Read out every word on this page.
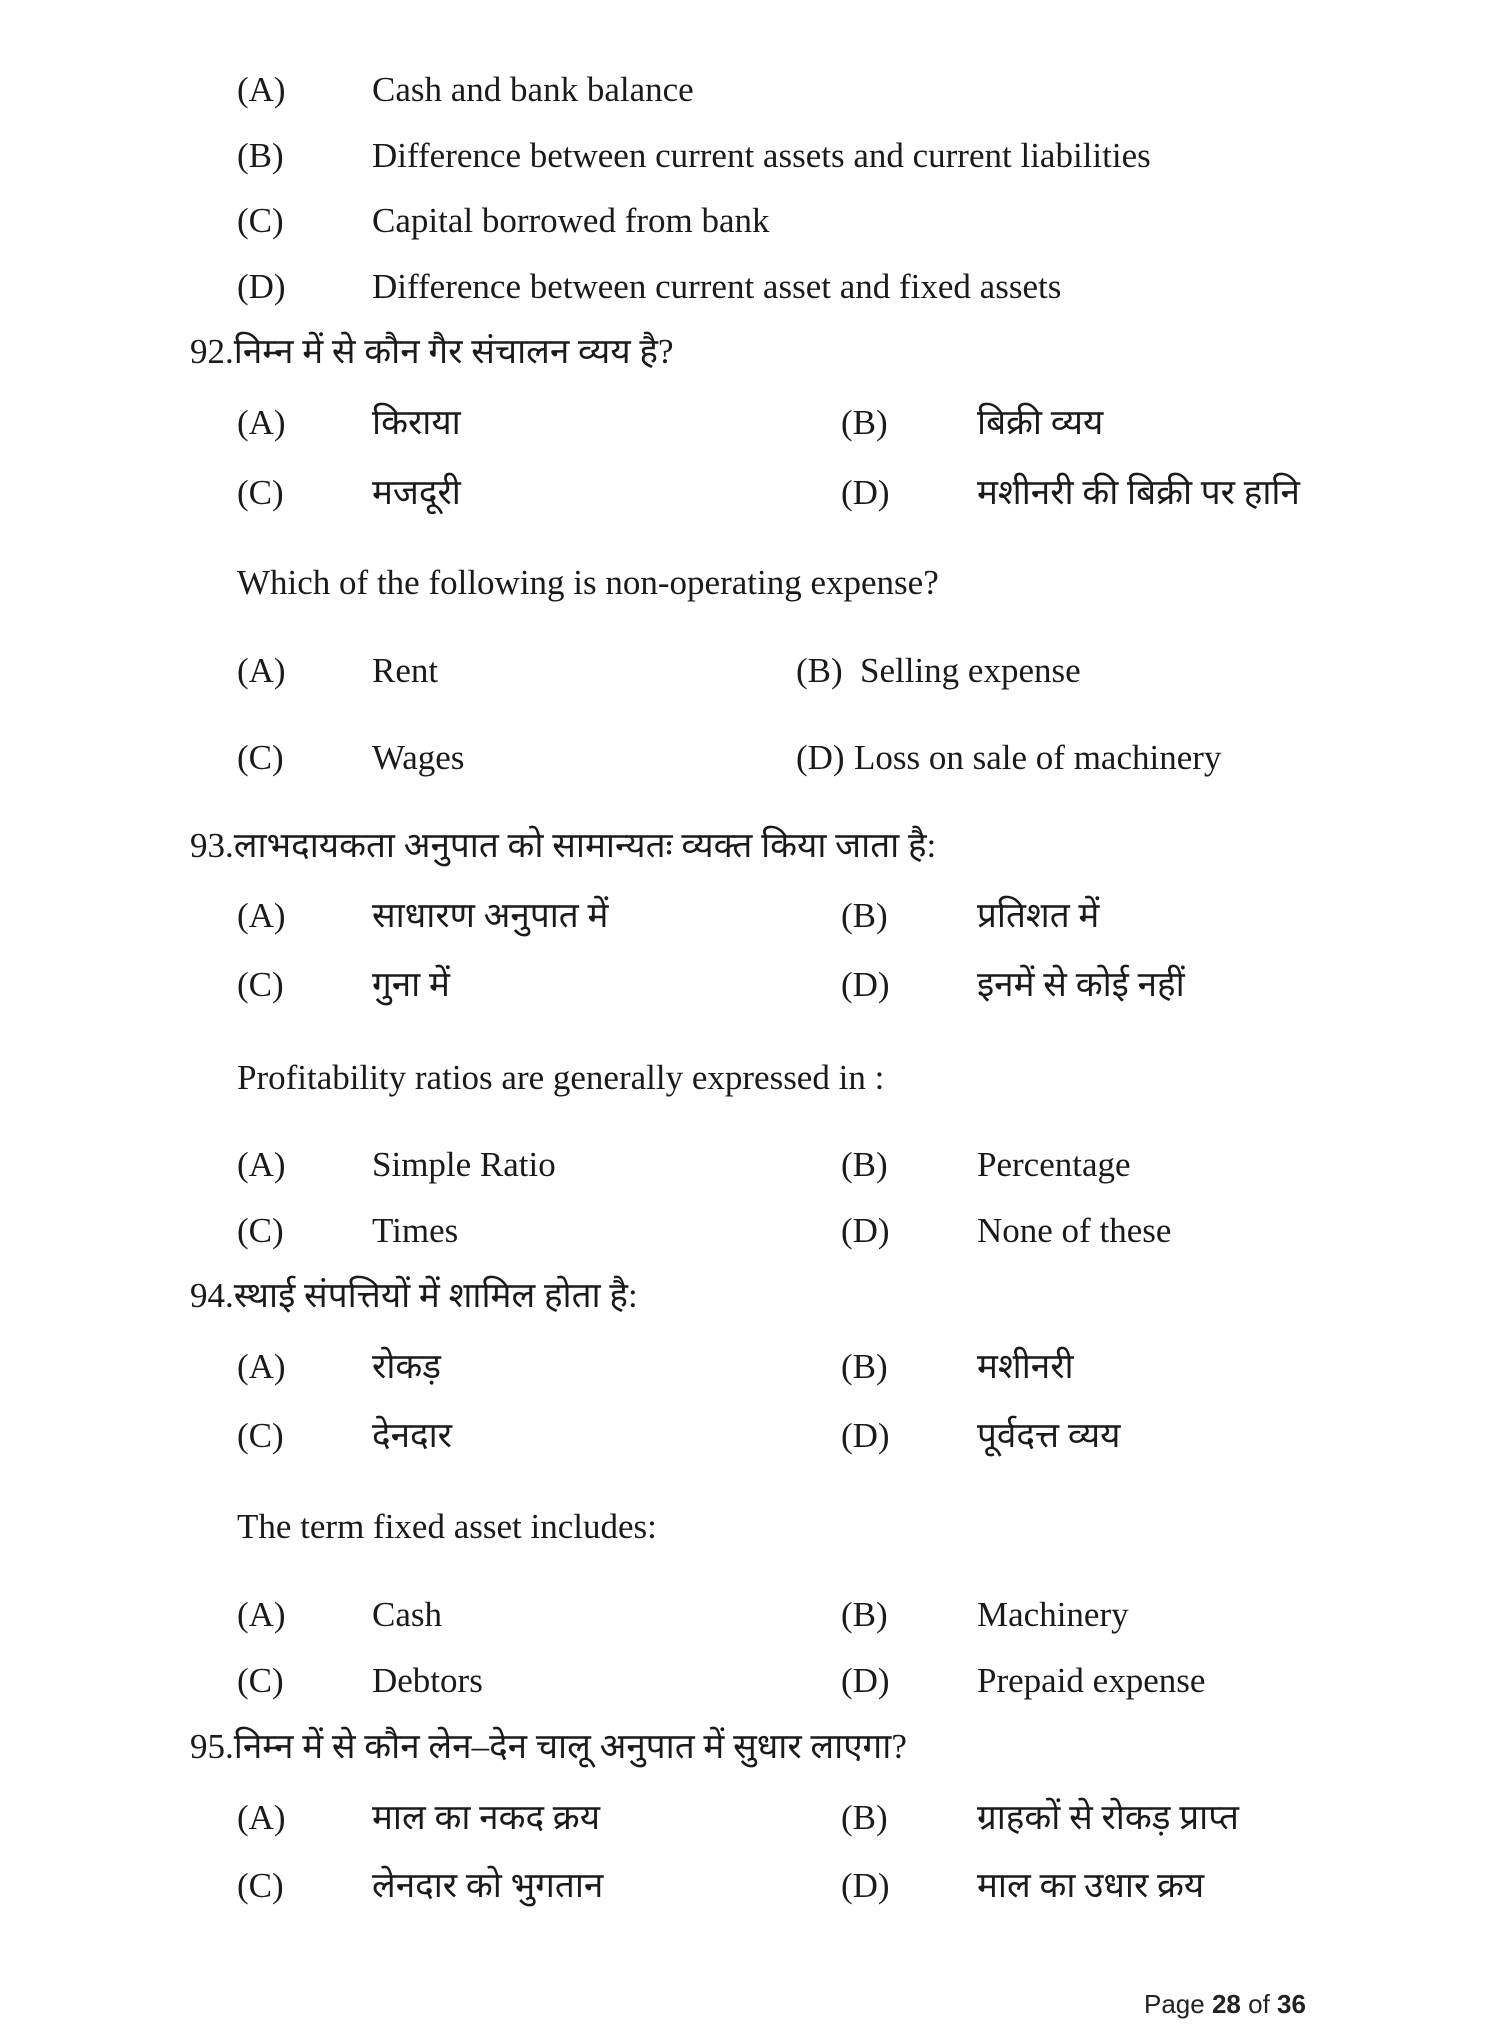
(A) Cash and bank balance
(B)	Difference between current assets and current liabilities
(C)	Capital borrowed from bank
(D) Difference between current asset and fixed assets
92.निम्न में से कौन गैर संचालन व्यय है?
(A) किराया	(B)	बिक्री व्यय
(C)	मजदूरी	(D) मशीनरी की बिक्री पर हानि
Which of the following is non-operating expense?
(A) Rent	(B) Selling expense
(C)	Wages	(D) Loss on sale of machinery
93.लाभदायकता अनुपात को सामान्यतः व्यक्त किया जाता है:
(A) साधारण अनुपात में	(B)	प्रतिशत में
(C)	गुना में	(D) इनमें से कोई नहीं
Profitability ratios are generally expressed in :
(A) Simple Ratio	(B)	Percentage
(C)	Times	(D) None of these
94.स्थाई संपत्तियों में शामिल होता है:
(A) रोकड़	(B)	मशीनरी
(C)	देनदार	(D) पूर्वदत्त व्यय
The term fixed asset includes:
(A) Cash	(B)	Machinery
(C)	Debtors	(D) Prepaid expense
95.निम्न में से कौन लेन–देन चालू अनुपात में सुधार लाएगा?
(A) माल का नकद क्रय	(B)	ग्राहकों से रोकड़ प्राप्त
(C)	लेनदार को भुगतान	(D) माल का उधार क्रय
Page 28 of 36
